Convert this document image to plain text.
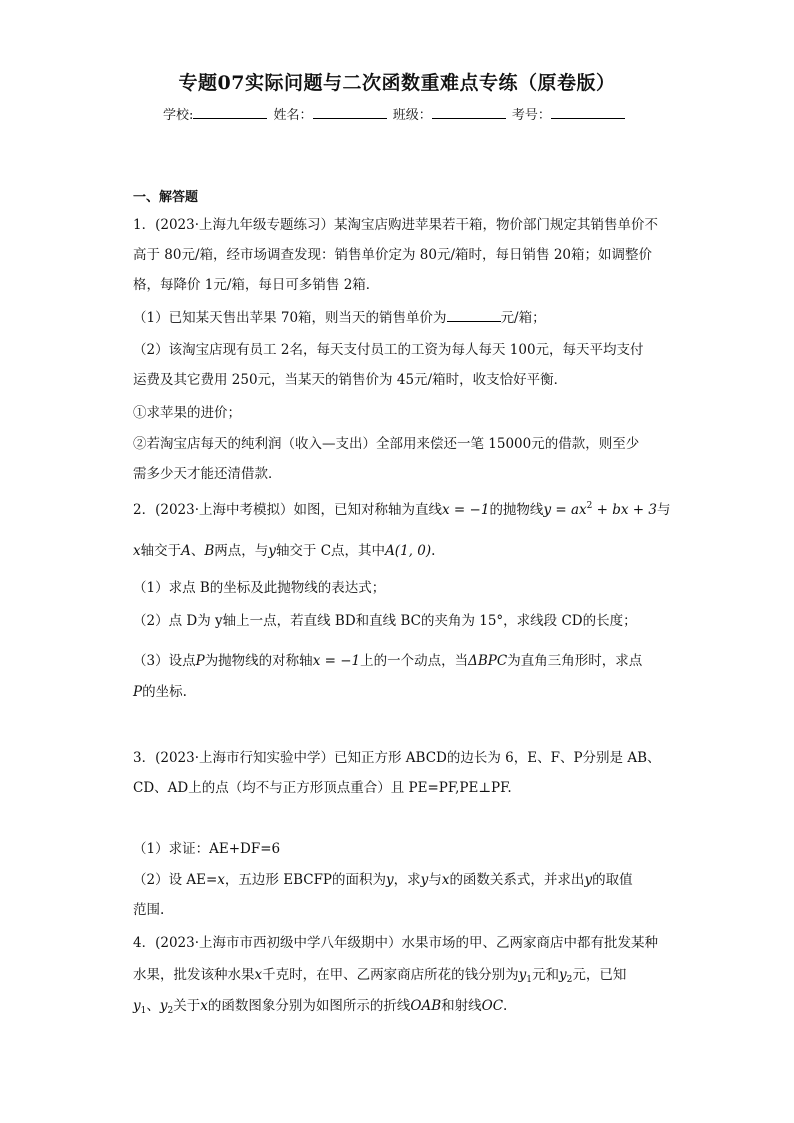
专题07实际问题与二次函数重难点专练（原卷版）
学校:	姓名：	班级：	考号：
一、解答题
1．(2023·上海九年级专题练习）某淘宝店购进苹果若干箱，物价部门规定其销售单价不
高于 80元/箱，经市场调查发现：销售单价定为 80元/箱时，每日销售 20箱；如调整价
格，每降价 1元/箱，每日可多销售 2箱．
（1）已知某天售出苹果 70箱，则当天的销售单价为	元/箱；
（2）该淘宝店现有员工 2名，每天支付员工的工资为每人每天 100元，每天平均支付
运费及其它费用 250元，当某天的销售价为 45元/箱时，收支恰好平衡．
①求苹果的进价；
②若淘宝店每天的纯利润（收入—支出）全部用来偿还一笔 15000元的借款，则至少
需多少天才能还清借款．
2．(2023·上海中考模拟）如图，已知对称轴为直线x = −1的抛物线$y = ax^2$ + bx + 3与
x轴交于A、B两点，与y轴交于 C点，其中A(1, 0).
（1）求点 B的坐标及此抛物线的表达式；
（2）点 D为 y轴上一点，若直线 BD和直线 BC的夹角为 15°，求线段 CD的长度；
（3）设点P为抛物线的对称轴x = −1上的一个动点，当ΔBPC为直角三角形时，求点
P的坐标.
3．(2023·上海市行知实验中学）已知正方形 ABCD的边长为 6，E、F、P分别是 AB、
CD、AD上的点（均不与正方形顶点重合）且 PE=PF,PE⊥PF.
（1）求证：AE+DF=6
（2）设 AE=x，五边形 EBCFP的面积为y，求y与x的函数关系式，并求出y的取值
范围.
4．(2023·上海市市西初级中学八年级期中）水果市场的甲、乙两家商店中都有批发某种
水果，批发该种水果x千克时，在甲、乙两家商店所花的钱分别为$y_1$元和$y_2$元，已知
$y_1$、$y_2$关于x的函数图象分别为如图所示的折线OAB和射线OC.
